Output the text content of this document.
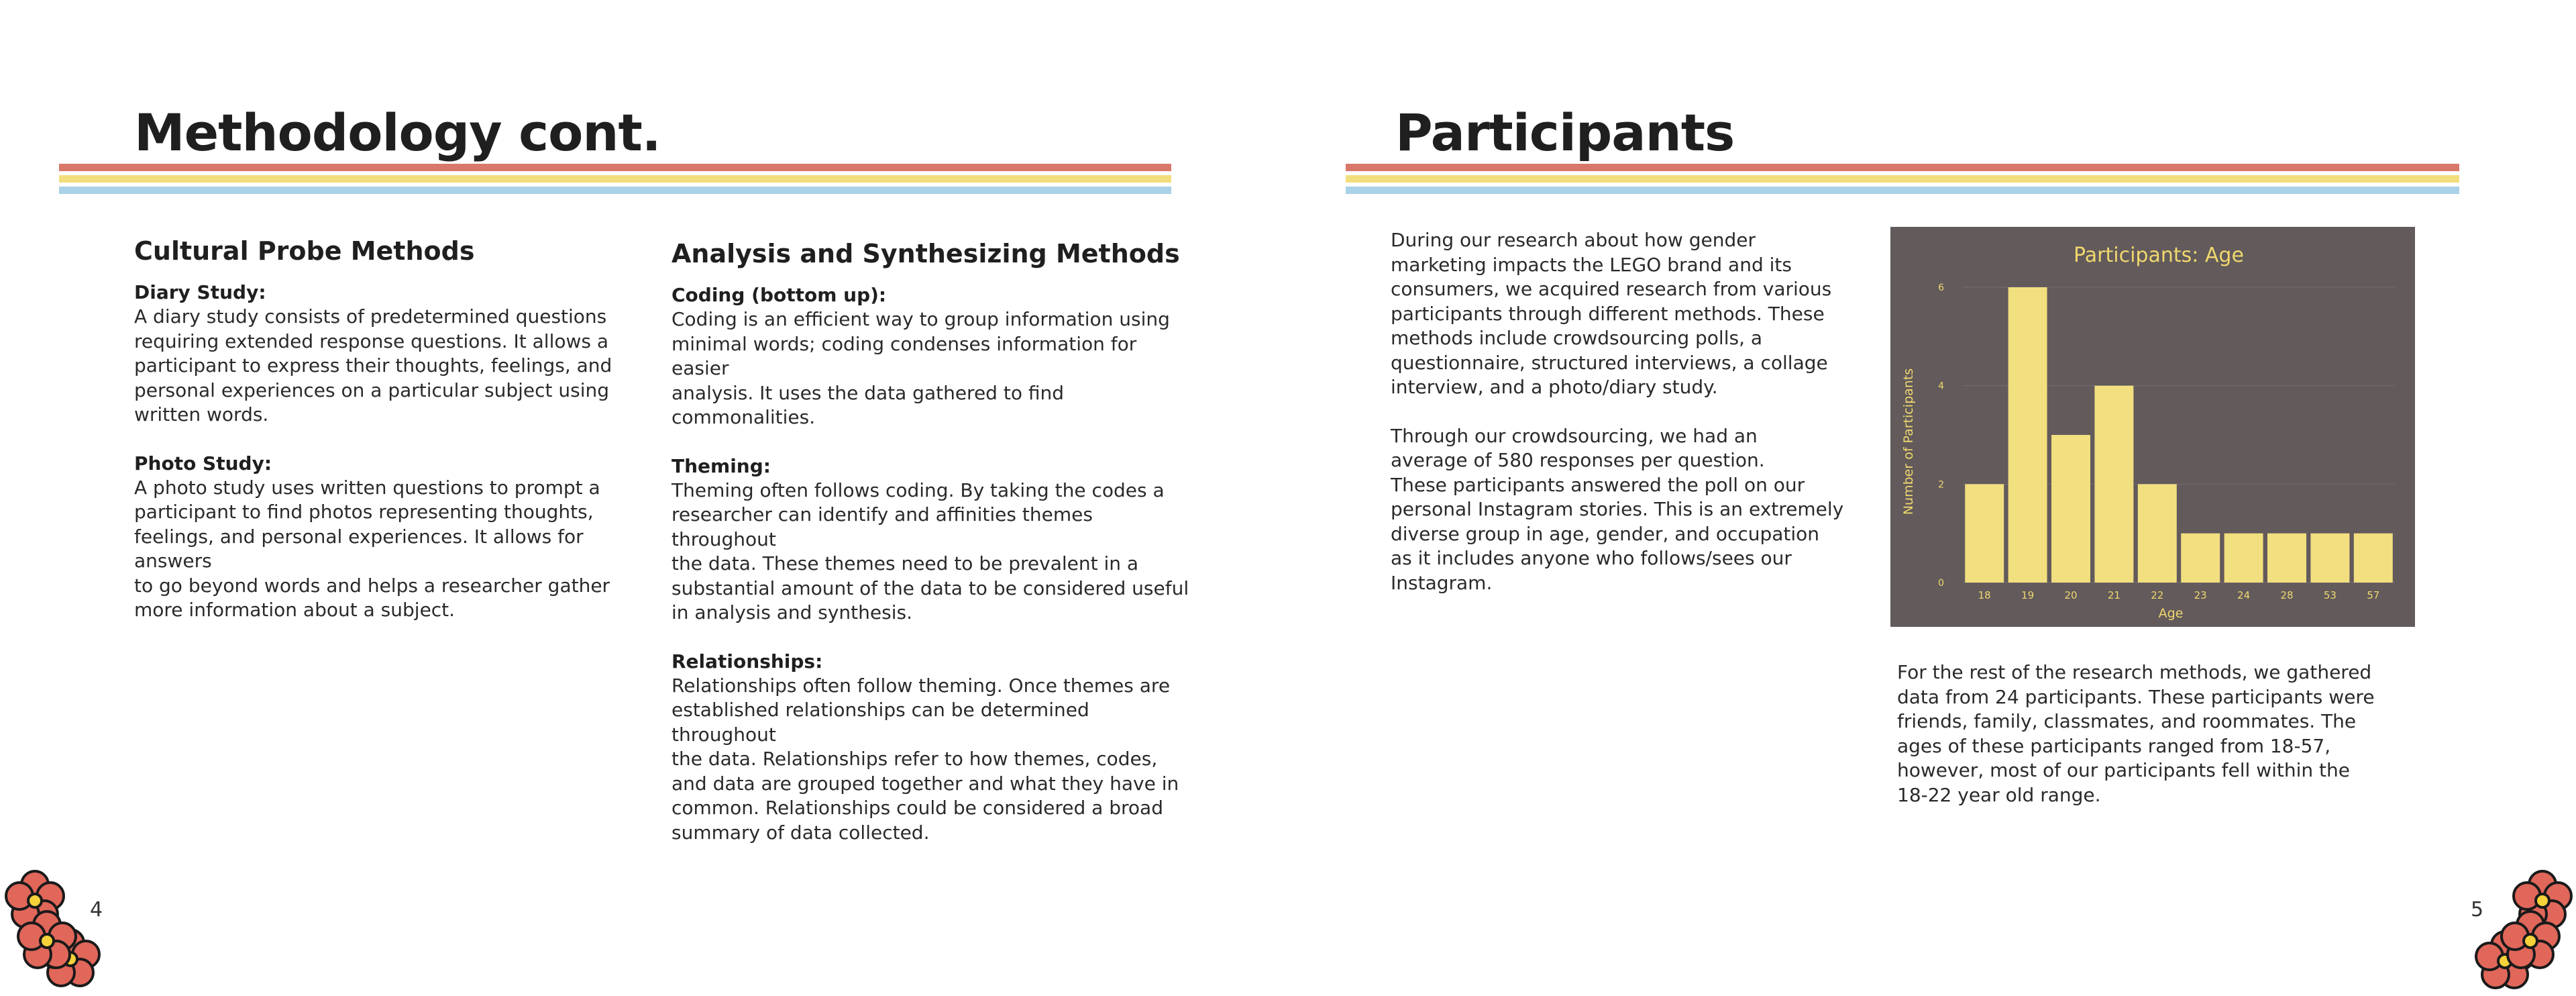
Methodology cont.
Cultural Probe Methods
Diary Study:

A diary study consists of predetermined questions
requiring extended response questions. It allows a
participant to express their thoughts, feelings, and
personal experiences on a particular subject using
written words.

Photo Study:

A photo study uses written questions to prompt a
participant to find photos representing thoughts,
feelings, and personal experiences. It allows for answers
to go beyond words and helps a researcher gather
more information about a subject.

Analysis and Synthesizing Methods
Coding (bottom up):

Coding is an efficient way to group information using
minimal words; coding condenses information for easier
analysis. It uses the data gathered to find commonalities.

Theming:

Theming often follows coding. By taking the codes a
researcher can identify and affinities themes throughout
the data. These themes need to be prevalent in a
substantial amount of the data to be considered useful
in analysis and synthesis.

Relationships:

Relationships often follow theming. Once themes are
established relationships can be determined throughout
the data. Relationships refer to how themes, codes,
and data are grouped together and what they have in
common. Relationships could be considered a broad
summary of data collected.

4
Participants

During our research about how gender
marketing impacts the LEGO brand and its
consumers, we acquired research from various
participants through different methods. These
methods include crowdsourcing polls, a
questionnaire, structured interviews, a collage
interview, and a photo/diary study.

Through our crowdsourcing, we had an
average of 580 responses per question.
These participants answered the poll on our
personal Instagram stories. This is an extremely
diverse group in age, gender, and occupation
as it includes anyone who follows/sees our
Instagram.

Participants: Age
Number of Participants
Age
0
2
4
6
18	19	20	21	22	23	24	28	53	57

For the rest of the research methods, we gathered
data from 24 participants. These participants were
friends, family, classmates, and roommates. The
ages of these participants ranged from 18-57,
however, most of our participants fell within the
18-22 year old range.

5
